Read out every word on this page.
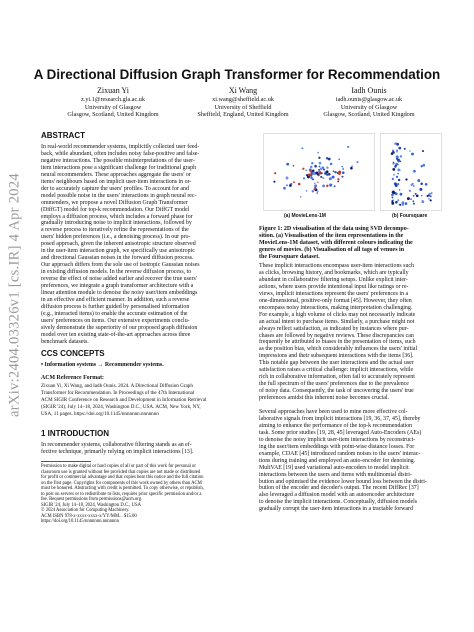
arXiv:2404.03326v1 [cs.IR] 4 Apr 2024
A Directional Diffusion Graph Transformer for Recommendation
Zixuan Yi
z.yi.1@research.gla.ac.uk
University of Glasgow
Glasgow, Scotland, United Kingdom
Xi Wang
xi.wang@sheffield.ac.uk
University of Sheffield
Sheffield, England, United Kingdom
Iadh Ounis
iadh.ounis@glasgow.ac.uk
University of Glasgow
Glasgow, Scotland, United Kingdom
ABSTRACT
In real-world recommender systems, implicitly collected user feed-
back, while abundant, often includes noisy false-positive and false-
negative interactions. The possible misinterpretations of the user-
item interactions pose a significant challenge for traditional graph
neural recommenders. These approaches aggregate the users' or
items' neighbours based on implicit user-item interactions in or-
der to accurately capture the users' profiles. To account for and
model possible noise in the users' interactions in graph neural rec-
ommenders, we propose a novel Diffusion Graph Transformer
(DiffGT) model for top-k recommendation. Our DiffGT model
employs a diffusion process, which includes a forward phase for
gradually introducing noise to implicit interactions, followed by
a reverse process to iteratively refine the representations of the
users' hidden preferences (i.e., a denoising process). In our pro-
posed approach, given the inherent anisotropic structure observed
in the user-item interaction graph, we specifically use anisotropic
and directional Gaussian noises in the forward diffusion process.
Our approach differs from the sole use of isotropic Gaussian noises
in existing diffusion models. In the reverse diffusion process, to
reverse the effect of noise added earlier and recover the true users'
preferences, we integrate a graph transformer architecture with a
linear attention module to denoise the noisy user/item embeddings
in an effective and efficient manner. In addition, such a reverse
diffusion process is further guided by personalised information
(e.g., interacted items) to enable the accurate estimation of the
users' preferences on items. Our extensive experiments conclu-
sively demonstrate the superiority of our proposed graph diffusion
model over ten existing state-of-the-art approaches across three
benchmark datasets.
CCS CONCEPTS
• Information systems → Recommender systems.
ACM Reference Format:
Zixuan Yi, Xi Wang, and Iadh Ounis. 2024. A Directional Diffusion Graph
Transformer for Recommendation. In Proceedings of the 47th International
ACM SIGIR Conference on Research and Development in Information Retrieval
(SIGIR '24), July 14–18, 2024, Washington D.C., USA. ACM, New York, NY,
USA, 11 pages. https://doi.org/10.1145/nnnnnnn.nnnnnnn
1 INTRODUCTION
In recommender systems, collaborative filtering stands as an ef-
fective technique, primarily relying on implicit interactions [13].
Permission to make digital or hard copies of all or part of this work for personal or
classroom use is granted without fee provided that copies are not made or distributed
for profit or commercial advantage and that copies bear this notice and the full citation
on the first page. Copyrights for components of this work owned by others than ACM
must be honored. Abstracting with credit is permitted. To copy otherwise, or republish,
to post on servers or to redistribute to lists, requires prior specific permission and/or a
fee. Request permissions from permissions@acm.org.
SIGIR '24, July 14–18, 2024, Washington D.C., USA
© 2024 Association for Computing Machinery.
ACM ISBN 978-x-xxxx-xxxx-x/YY/MM... $15.00
https://doi.org/10.1145/nnnnnnn.nnnnnnn
(a) MovieLens-1M	(b) Foursquare
Figure 1: 2D visualisation of the data using SVD decompo-
sition. (a) Visualisation of the item representations in the
MovieLens-1M dataset, with different colours indicating the
genres of movies. (b) Visualisation of all tags of venues in
the Foursquare dataset.
These implicit interactions encompass user-item interactions such
as clicks, browsing history, and bookmarks, which are typically
abundant in collaborative filtering setups. Unlike explicit inter-
actions, where users provide intentional input like ratings or re-
views, implicit interactions represent the users' preferences in a
one-dimensional, positive-only format [45]. However, they often
encompass noisy interactions, making interpretation challenging.
For example, a high volume of clicks may not necessarily indicate
an actual intent to purchase items. Similarly, a purchase might not
always reflect satisfaction, as indicated by instances where pur-
chases are followed by negative reviews. These discrepancies can
frequently be attributed to biases in the presentation of items, such
as the position bias, which considerably influences the users' initial
impressions and their subsequent interactions with the items [36].
This notable gap between the user interactions and the actual user
satisfaction raises a critical challenge: implicit interactions, while
rich in collaborative information, often fail to accurately represent
the full spectrum of the users' preferences due to the prevalence
of noisy data. Consequently, the task of uncovering the users' true
preferences amidst this inherent noise becomes crucial.
Several approaches have been used to mine more effective col-
laborative signals from implicit interactions [19, 36, 37, 45], thereby
aiming to enhance the performance of the top-k recommendation
task. Some prior studies [19, 28, 45] leveraged Auto-Encoders (AEs)
to denoise the noisy implicit user-item interactions by reconstruct-
ing the user/item embeddings with point-wise distance losses. For
example, CDAE [45] introduced random noises to the users' interac-
tions during training and employed an auto-encoder for denoising.
MultVAE [19] used variational auto-encoders to model implicit
interactions between the users and items with multinomial distri-
bution and optimised the evidence lower bound loss between the distri-
bution of the encoder and decoder's output. The recent DiffRec [37]
also leveraged a diffusion model with an autoencoder architecture
to denoise the implicit interactions. Conceptually, diffusion models
gradually corrupt the user-item interactions in a tractable forward
